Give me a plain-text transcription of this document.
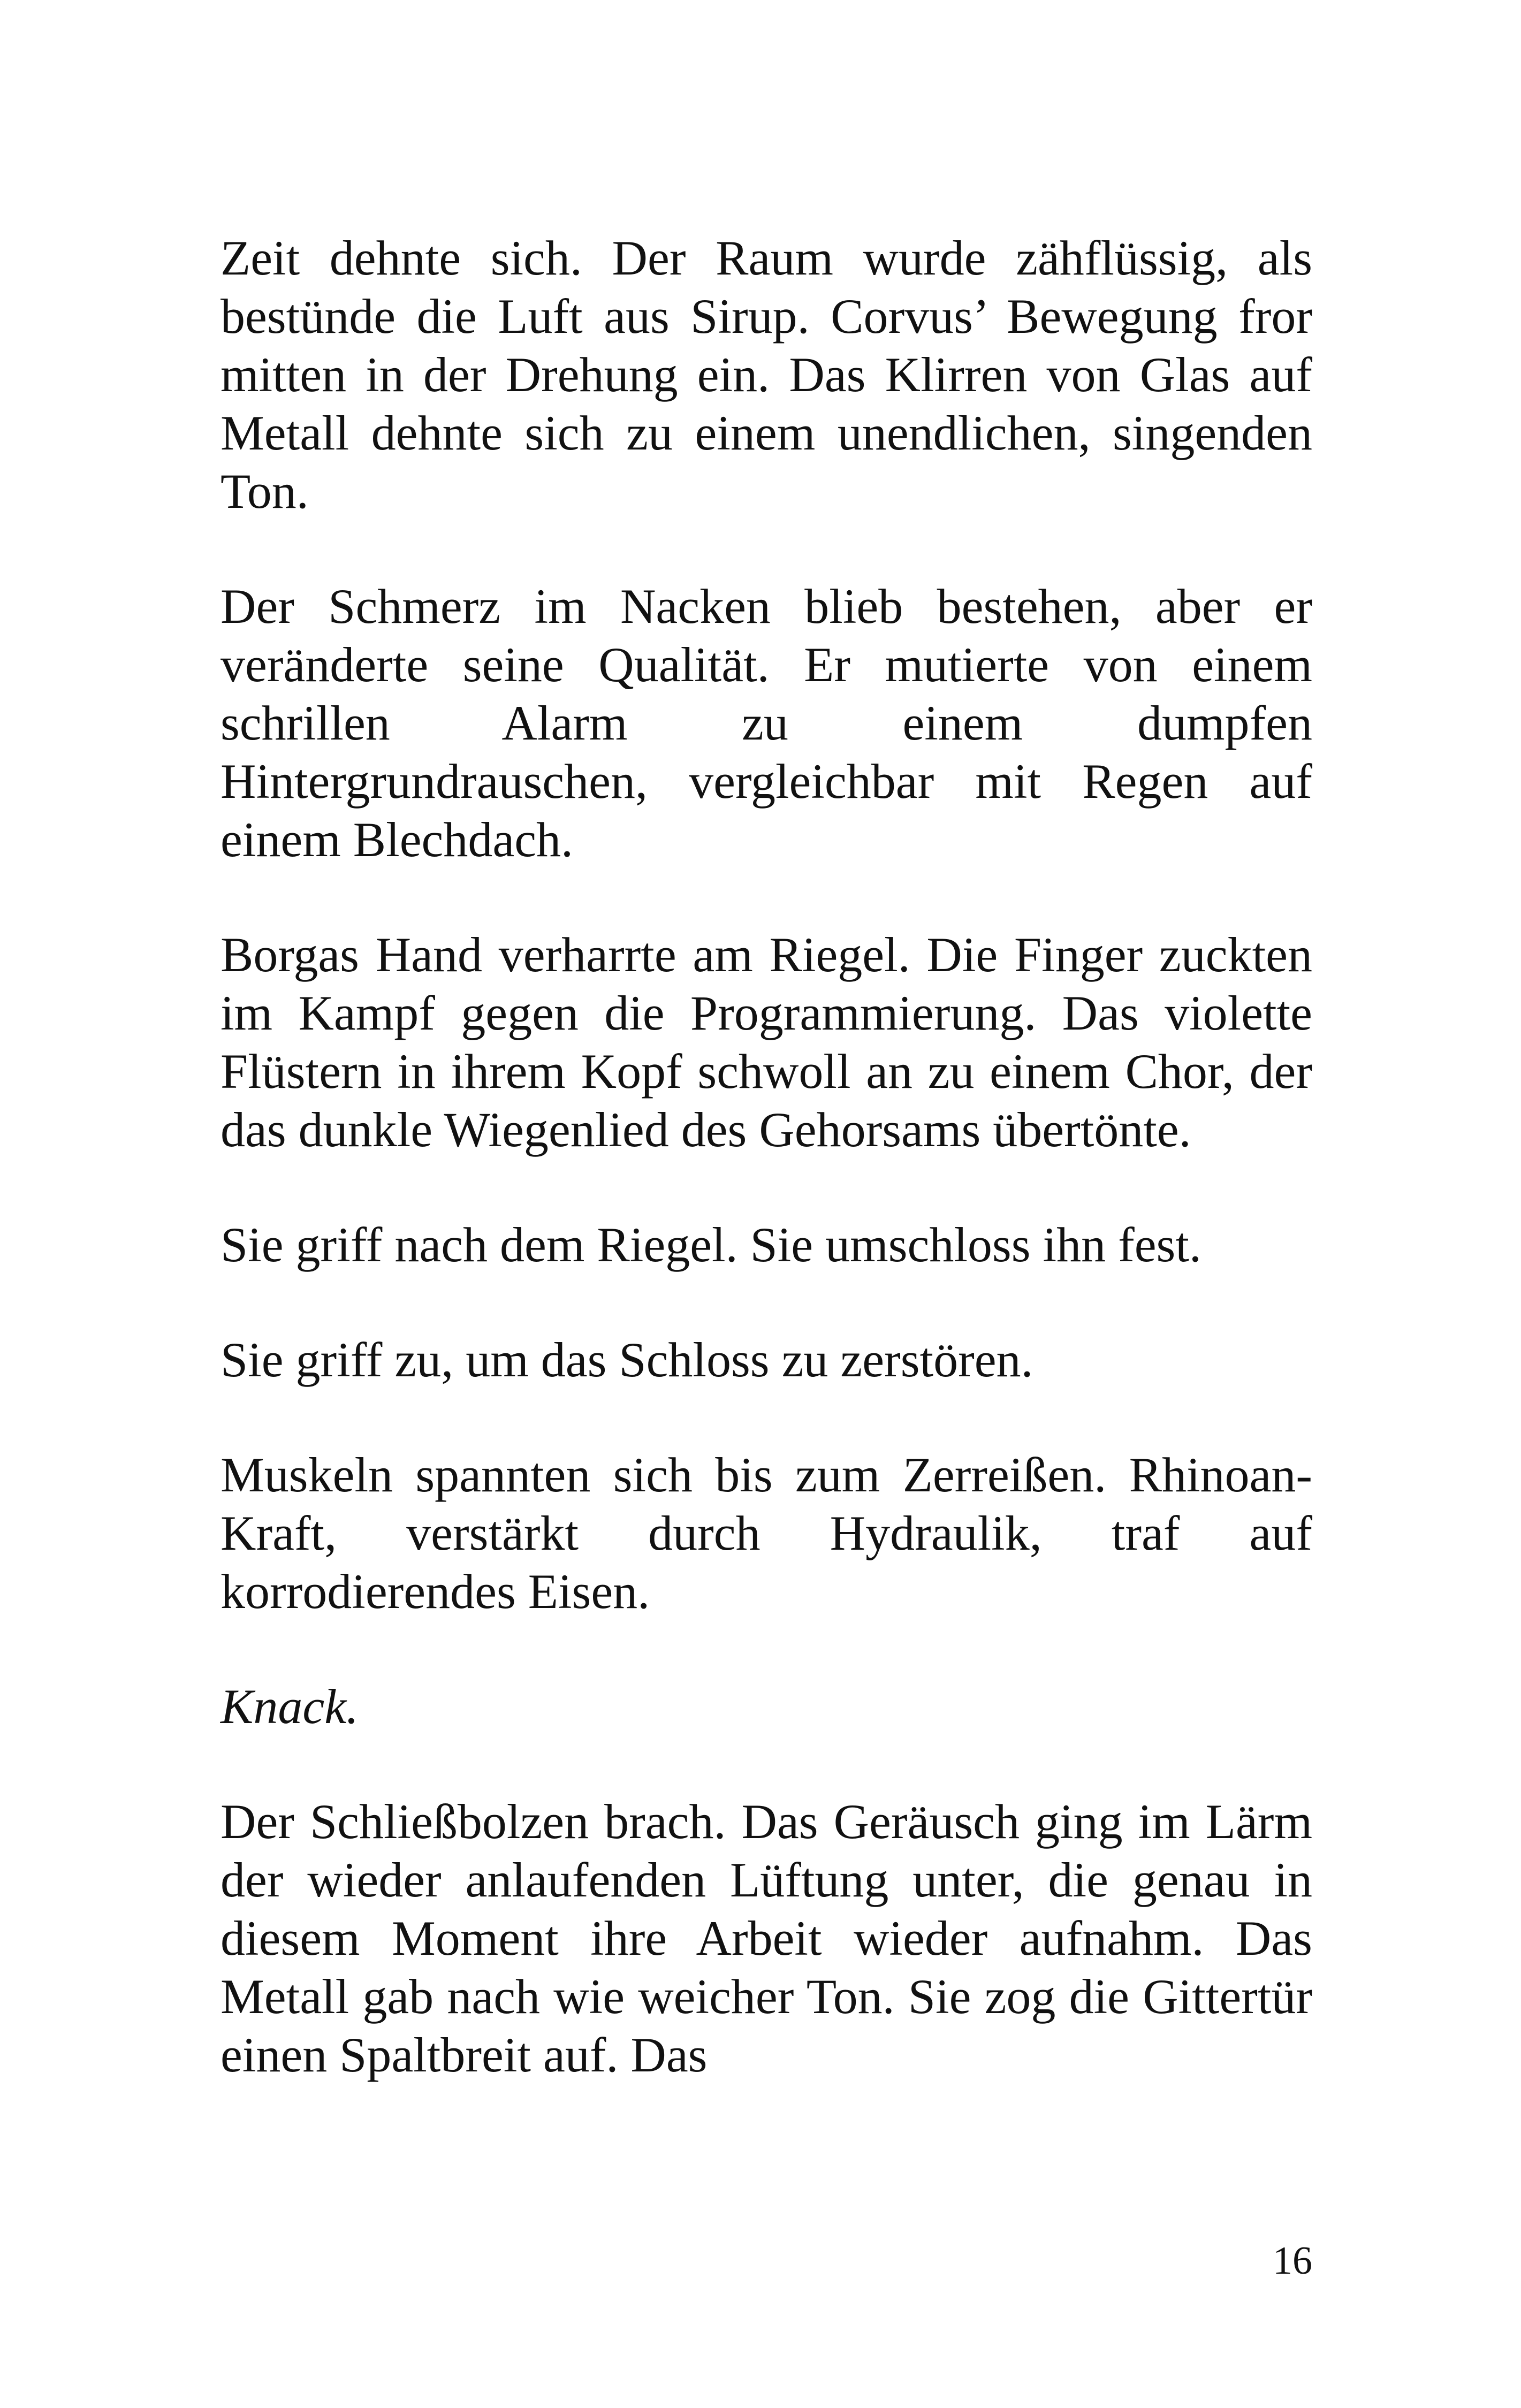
Zeit dehnte sich. Der Raum wurde zähflüssig, als bestünde die Luft aus Sirup. Corvus’ Bewegung fror mitten in der Drehung ein. Das Klirren von Glas auf Metall dehnte sich zu einem unendlichen, singenden Ton.

Der Schmerz im Nacken blieb bestehen, aber er veränderte seine Qualität. Er mutierte von einem schrillen Alarm zu einem dumpfen Hintergrundrauschen, vergleichbar mit Regen auf einem Blechdach.

Borgas Hand verharrte am Riegel. Die Finger zuckten im Kampf gegen die Programmierung. Das violette Flüstern in ihrem Kopf schwoll an zu einem Chor, der das dunkle Wiegenlied des Gehorsams übertönte.

Sie griff nach dem Riegel. Sie umschloss ihn fest.

Sie griff zu, um das Schloss zu zerstören.

Muskeln spannten sich bis zum Zerreißen. Rhinoan-Kraft, verstärkt durch Hydraulik, traf auf korrodierendes Eisen.

Knack.

Der Schließbolzen brach. Das Geräusch ging im Lärm der wieder anlaufenden Lüftung unter, die genau in diesem Moment ihre Arbeit wieder aufnahm. Das Metall gab nach wie weicher Ton. Sie zog die Gittertür einen Spaltbreit auf. Das

16
